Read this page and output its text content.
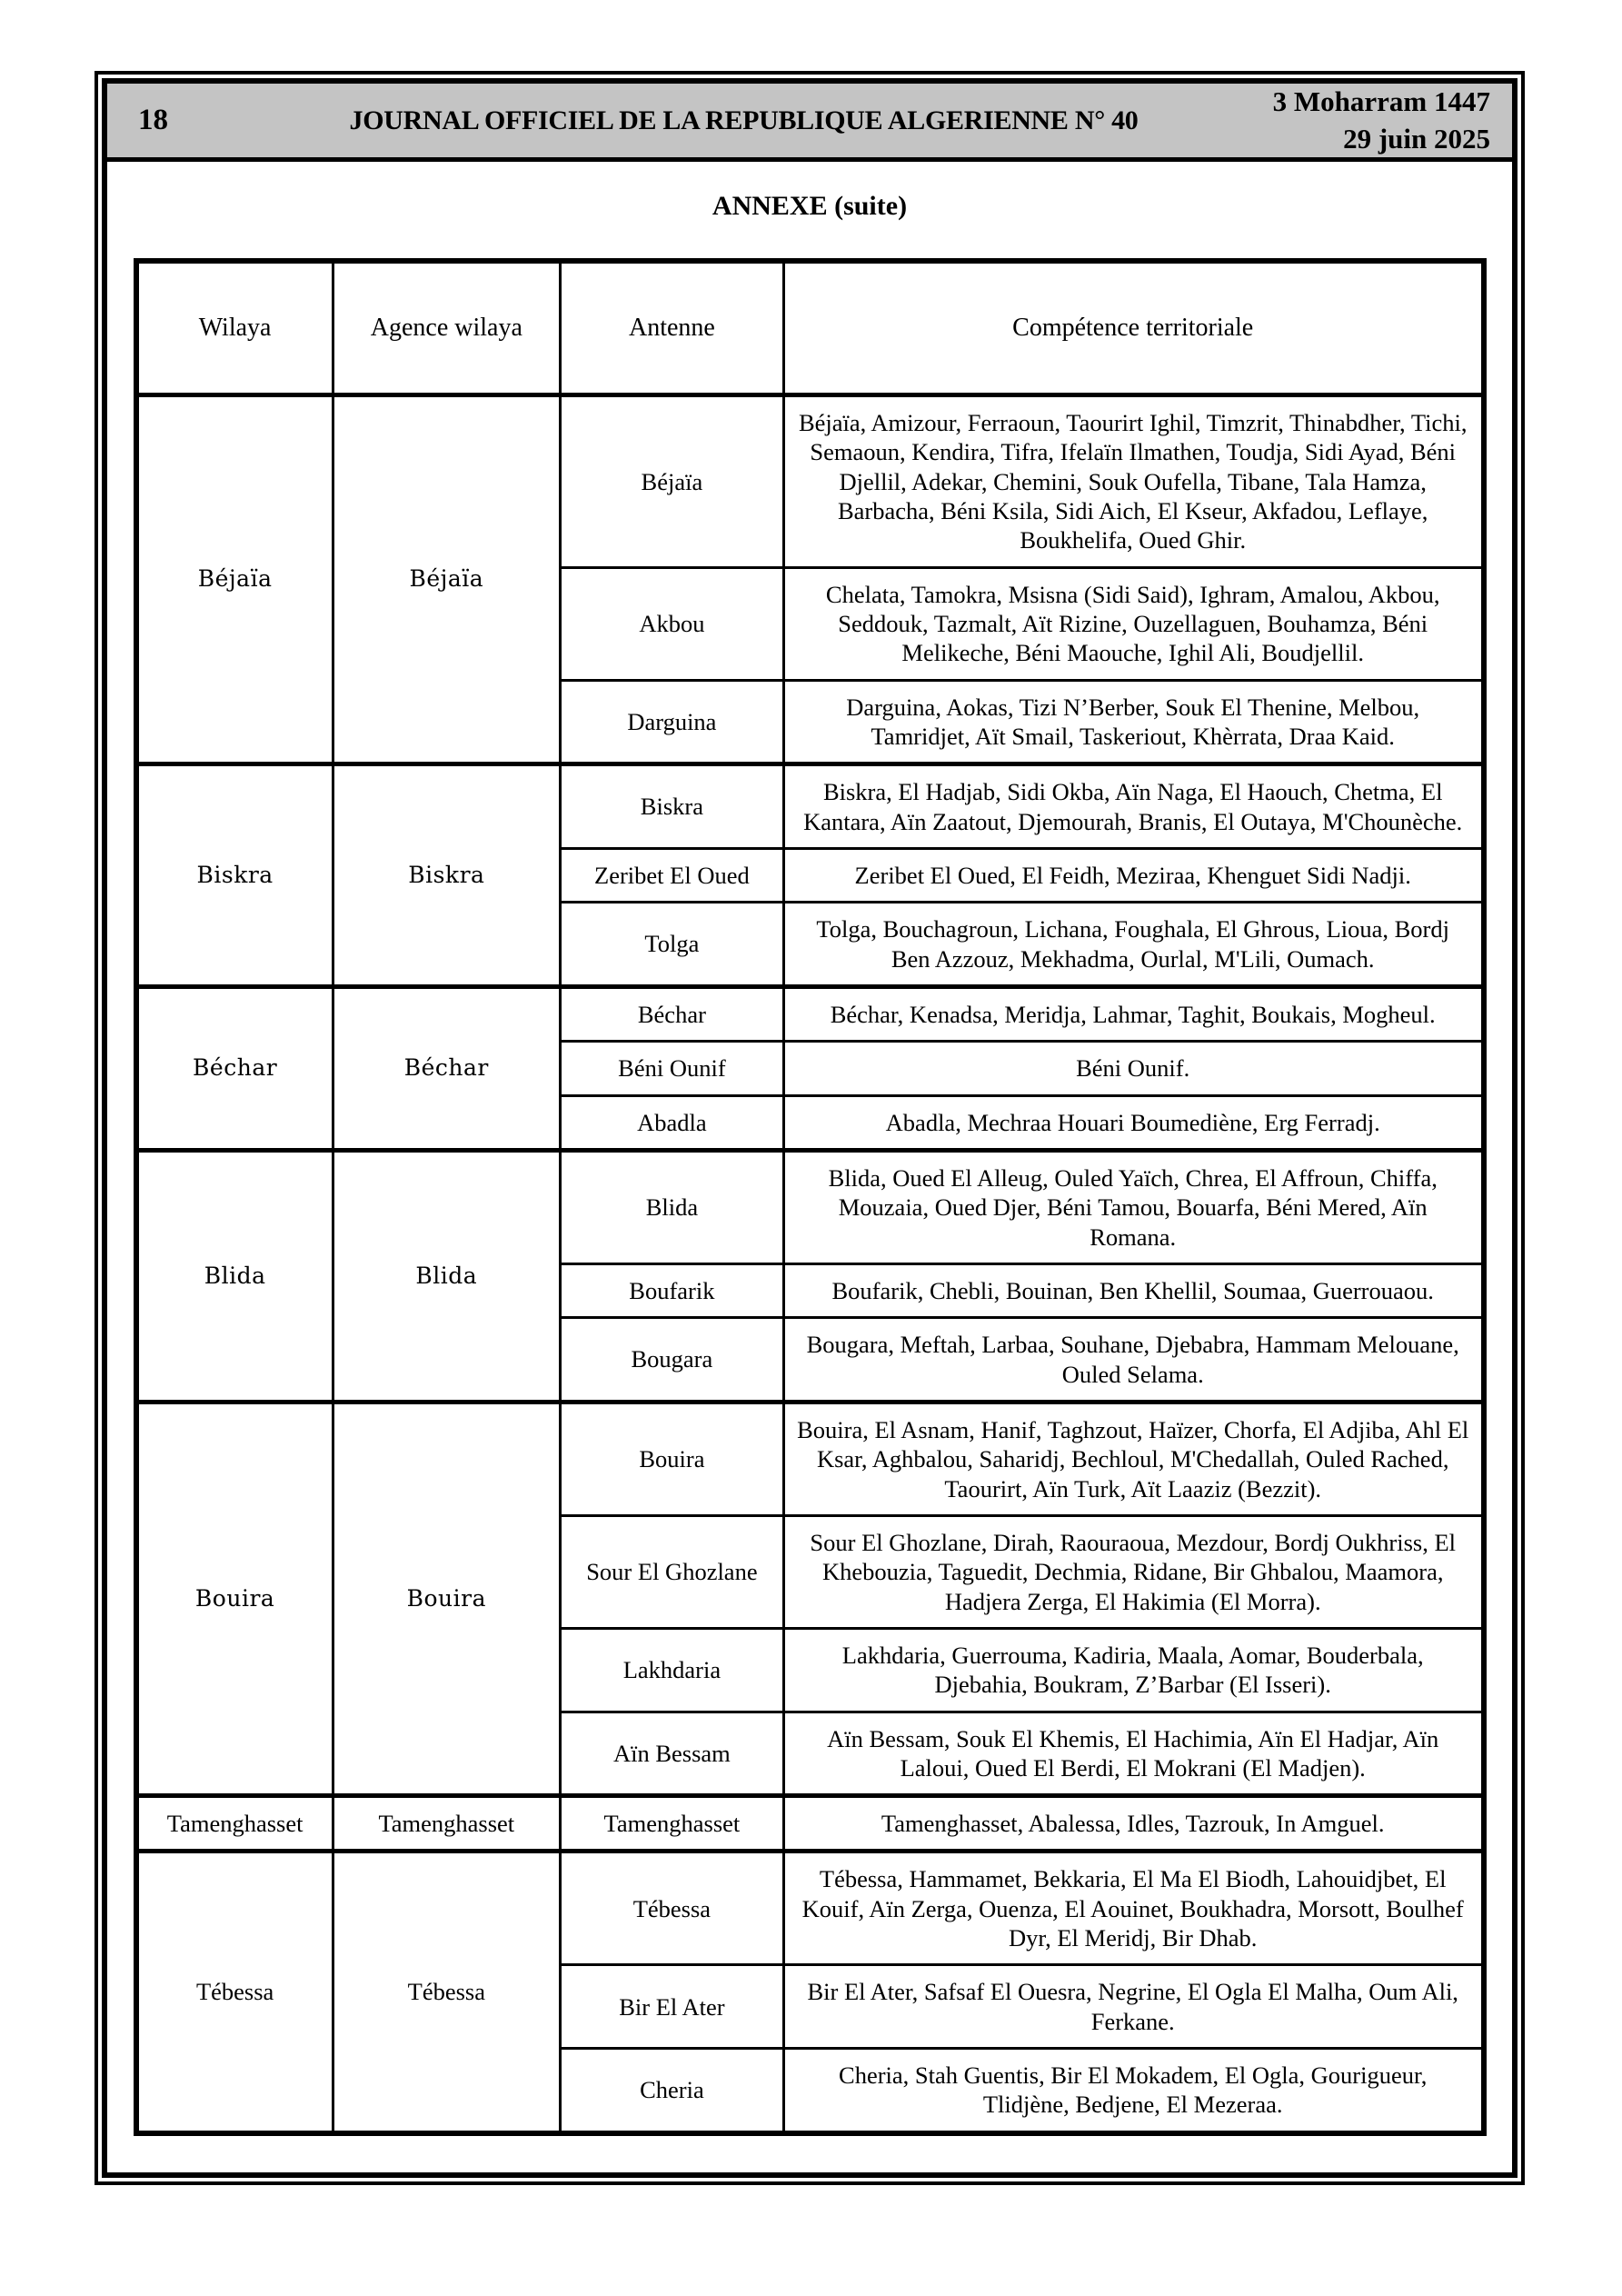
18	JOURNAL OFFICIEL DE LA REPUBLIQUE ALGERIENNE N° 40
3 Moharram 1447
29 juin 2025
ANNEXE (suite)
Wilaya	Agence wilaya	Antenne	Compétence territoriale
Béjaïa	Béjaïa	Béjaïa	Béjaïa, Amizour, Ferraoun, Taourirt Ighil, Timzrit, Thinabdher, Tichi, Semaoun, Kendira, Tifra, Ifelaïn Ilmathen, Toudja, Sidi Ayad, Béni Djellil, Adekar, Chemini, Souk Oufella, Tibane, Tala Hamza, Barbacha, Béni Ksila, Sidi Aich, El Kseur, Akfadou, Leflaye, Boukhelifa, Oued Ghir.
		Akbou	Chelata, Tamokra, Msisna (Sidi Said), Ighram, Amalou, Akbou, Seddouk, Tazmalt, Aït Rizine, Ouzellaguen, Bouhamza, Béni Melikeche, Béni Maouche, Ighil Ali, Boudjellil.
		Darguina	Darguina, Aokas, Tizi N’Berber, Souk El Thenine, Melbou, Tamridjet, Aït Smail, Taskeriout, Khèrrata, Draa Kaid.
Biskra	Biskra	Biskra	Biskra, El Hadjab, Sidi Okba, Aïn Naga, El Haouch, Chetma, El Kantara, Aïn Zaatout, Djemourah, Branis, El Outaya, M'Chounèche.
		Zeribet El Oued	Zeribet El Oued, El Feidh, Meziraa, Khenguet Sidi Nadji.
		Tolga	Tolga, Bouchagroun, Lichana, Foughala, El Ghrous, Lioua, Bordj Ben Azzouz, Mekhadma, Ourlal, M'Lili, Oumach.
Béchar	Béchar	Béchar	Béchar, Kenadsa, Meridja, Lahmar, Taghit, Boukais, Mogheul.
		Béni Ounif	Béni Ounif.
		Abadla	Abadla, Mechraa Houari Boumediène, Erg Ferradj.
Blida	Blida	Blida	Blida, Oued El Alleug, Ouled Yaïch, Chrea, El Affroun, Chiffa, Mouzaia, Oued Djer, Béni Tamou, Bouarfa, Béni Mered, Aïn Romana.
		Boufarik	Boufarik, Chebli, Bouinan, Ben Khellil, Soumaa, Guerrouaou.
		Bougara	Bougara, Meftah, Larbaa, Souhane, Djebabra, Hammam Melouane, Ouled Selama.
Bouira	Bouira	Bouira	Bouira, El Asnam, Hanif, Taghzout, Haïzer, Chorfa, El Adjiba, Ahl El Ksar, Aghbalou, Saharidj, Bechloul, M'Chedallah, Ouled Rached, Taourirt, Aïn Turk, Aït Laaziz (Bezzit).
		Sour El Ghozlane	Sour El Ghozlane, Dirah, Raouraoua, Mezdour, Bordj Oukhriss, El Khebouzia, Taguedit, Dechmia, Ridane, Bir Ghbalou, Maamora, Hadjera Zerga, El Hakimia (El Morra).
		Lakhdaria	Lakhdaria, Guerrouma, Kadiria, Maala, Aomar, Bouderbala, Djebahia, Boukram, Z’Barbar (El Isseri).
		Aïn Bessam	Aïn Bessam, Souk El Khemis, El Hachimia, Aïn El Hadjar, Aïn Laloui, Oued El Berdi, El Mokrani (El Madjen).
Tamenghasset	Tamenghasset	Tamenghasset	Tamenghasset, Abalessa, Idles, Tazrouk, In Amguel.
Tébessa	Tébessa	Tébessa	Tébessa, Hammamet, Bekkaria, El Ma El Biodh, Lahouidjbet, El Kouif, Aïn Zerga, Ouenza, El Aouinet, Boukhadra, Morsott, Boulhef Dyr, El Meridj, Bir Dhab.
		Bir El Ater	Bir El Ater, Safsaf El Ouesra, Negrine, El Ogla El Malha, Oum Ali, Ferkane.
		Cheria	Cheria, Stah Guentis, Bir El Mokadem, El Ogla, Gourigueur, Tlidjène, Bedjene, El Mezeraa.
